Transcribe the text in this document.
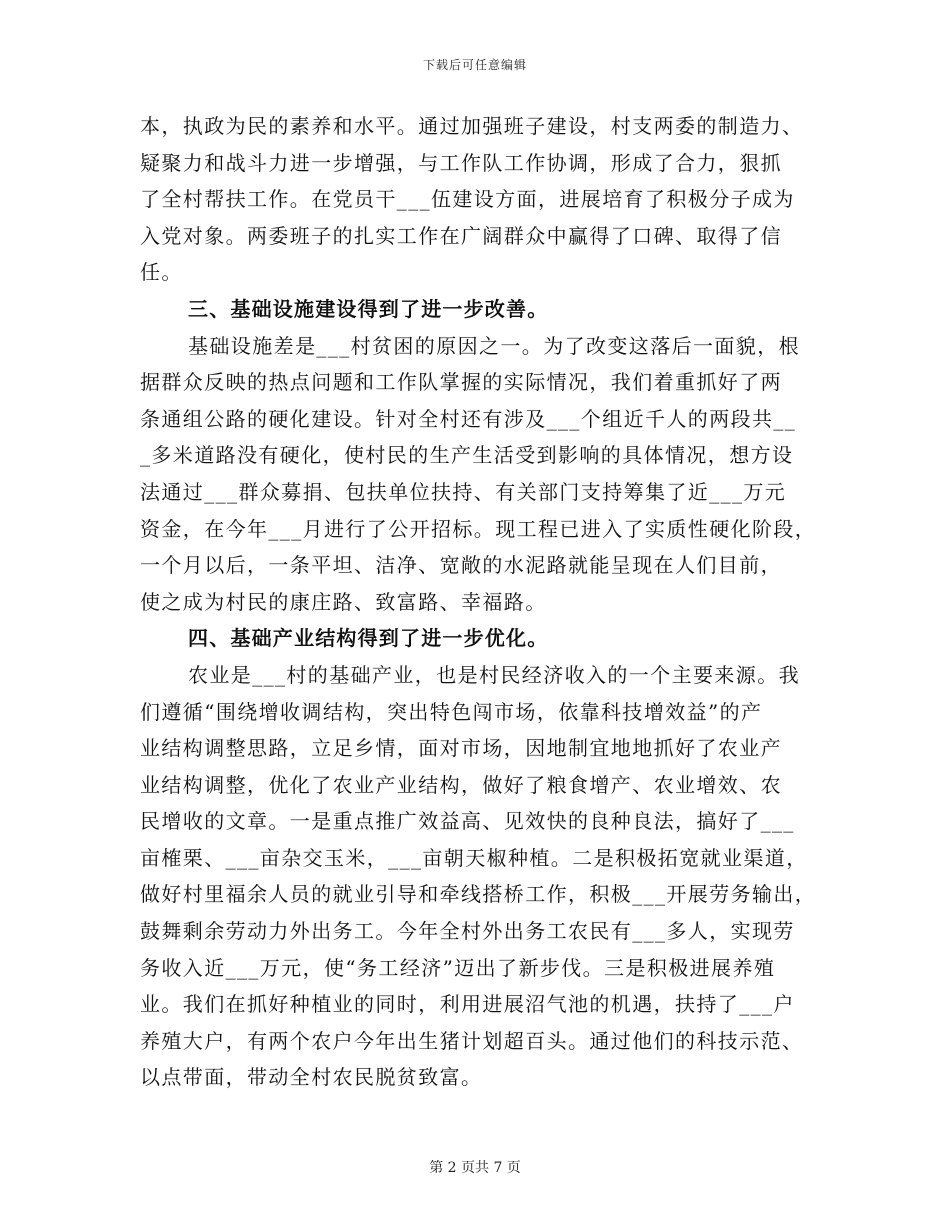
下载后可任意编辑
本，执政为民的素养和水平。通过加强班子建设，村支两委的制造力、
疑聚力和战斗力进一步增强，与工作队工作协调，形成了合力，狠抓
了全村帮扶工作。在党员干___伍建设方面，进展培育了积极分子成为
入党对象。两委班子的扎实工作在广阔群众中赢得了口碑、取得了信
任。
三、基础设施建设得到了进一步改善。
基础设施差是___村贫困的原因之一。为了改变这落后一面貌，根
据群众反映的热点问题和工作队掌握的实际情况，我们着重抓好了两
条通组公路的硬化建设。针对全村还有涉及___个组近千人的两段共__
_多米道路没有硬化，使村民的生产生活受到影响的具体情况，想方设
法通过___群众募捐、包扶单位扶持、有关部门支持筹集了近___万元
资金，在今年___月进行了公开招标。现工程已进入了实质性硬化阶段，
一个月以后，一条平坦、洁净、宽敞的水泥路就能呈现在人们目前，
使之成为村民的康庄路、致富路、幸福路。
四、基础产业结构得到了进一步优化。
农业是___村的基础产业，也是村民经济收入的一个主要来源。我
们遵循“围绕增收调结构，突出特色闯市场，依靠科技增效益”的产
业结构调整思路，立足乡情，面对市场，因地制宜地地抓好了农业产
业结构调整，优化了农业产业结构，做好了粮食增产、农业增效、农
民增收的文章。一是重点推广效益高、见效快的良种良法，搞好了___
亩榷栗、___亩杂交玉米，___亩朝天椒种植。二是积极拓宽就业渠道，
做好村里福余人员的就业引导和牵线搭桥工作，积极___开展劳务输出，
鼓舞剩余劳动力外出务工。今年全村外出务工农民有___多人，实现劳
务收入近___万元，使“务工经济”迈出了新步伐。三是积极进展养殖
业。我们在抓好种植业的同时，利用进展沼气池的机遇，扶持了___户
养殖大户，有两个农户今年出生猪计划超百头。通过他们的科技示范、
以点带面，带动全村农民脱贫致富。
第 2 页共 7 页
